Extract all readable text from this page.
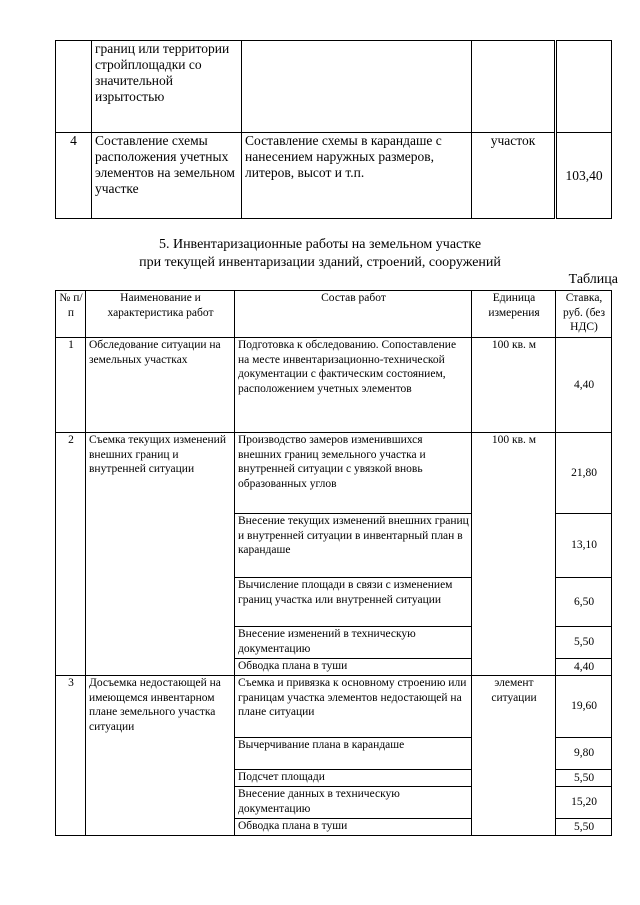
	границ или территории стройплощадки со значительной изрытостью			
4	Составление схемы расположения учетных элементов на земельном участке	Составление схемы в карандаше с нанесением наружных размеров, литеров, высот и т.п.	участок	103,40
5. Инвентаризационные работы на земельном участке
при текущей инвентаризации зданий, строений, сооружений
Таблица
№ п/п	Наименование и характеристика работ	Состав работ	Единица измерения	Ставка, руб. (без НДС)
1	Обследование ситуации на земельных участках	Подготовка к обследованию. Сопоставление на месте инвентаризационно-технической документации с фактическим состоянием, расположением учетных элементов	100 кв. м	4,40
2	Съемка текущих изменений внешних границ и внутренней ситуации	Производство замеров изменившихся внешних границ земельного участка и внутренней ситуации с увязкой вновь образованных углов	100 кв. м	21,80
		Внесение текущих изменений внешних границ и внутренней ситуации в инвентарный план в карандаше		13,10
		Вычисление площади в связи с изменением границ участка или внутренней ситуации		6,50
		Внесение изменений в техническую документацию		5,50
		Обводка плана в туши		4,40
3	Досъемка недостающей на имеющемся инвентарном плане земельного участка ситуации	Съемка и привязка к основному строению или границам участка элементов недостающей на плане ситуации	элемент ситуации	19,60
		Вычерчивание плана в карандаше		9,80
		Подсчет площади		5,50
		Внесение данных в техническую документацию		15,20
		Обводка плана в туши		5,50
